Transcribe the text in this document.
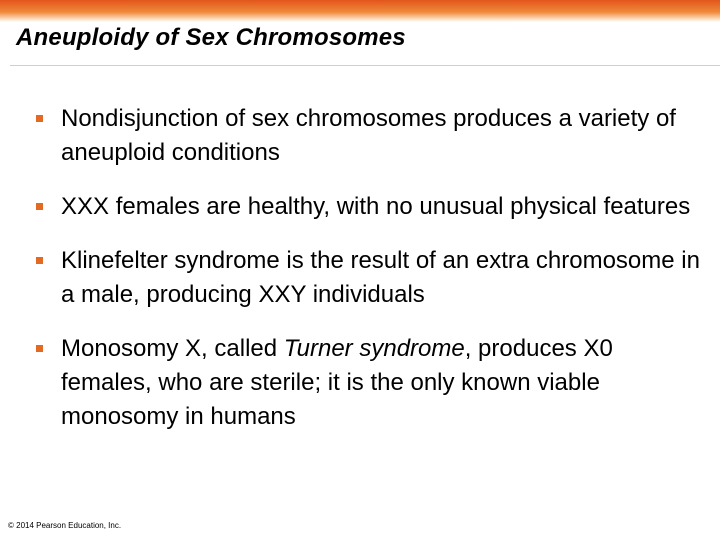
Aneuploidy of Sex Chromosomes
Nondisjunction of sex chromosomes produces a variety of aneuploid conditions
XXX females are healthy, with no unusual physical features
Klinefelter syndrome is the result of an extra chromosome in a male, producing XXY individuals
Monosomy X, called Turner syndrome, produces X0 females, who are sterile; it is the only known viable monosomy in humans
© 2014 Pearson Education, Inc.
